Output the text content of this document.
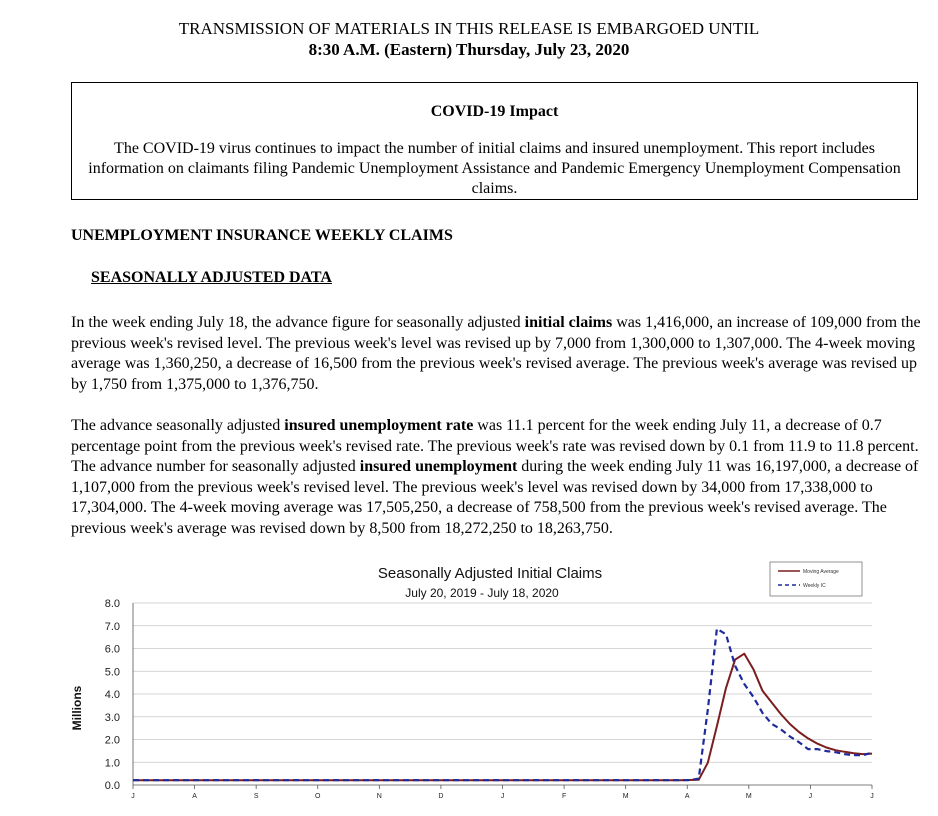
TRANSMISSION OF MATERIALS IN THIS RELEASE IS EMBARGOED UNTIL
8:30 A.M. (Eastern) Thursday, July 23, 2020
COVID-19 Impact
The COVID-19 virus continues to impact the number of initial claims and insured unemployment. This report includes information on claimants filing Pandemic Unemployment Assistance and Pandemic Emergency Unemployment Compensation claims.
UNEMPLOYMENT INSURANCE WEEKLY CLAIMS
SEASONALLY ADJUSTED DATA
In the week ending July 18, the advance figure for seasonally adjusted initial claims was 1,416,000, an increase of 109,000 from the previous week's revised level. The previous week's level was revised up by 7,000 from 1,300,000 to 1,307,000. The 4-week moving average was 1,360,250, a decrease of 16,500 from the previous week's revised average. The previous week's average was revised up by 1,750 from 1,375,000 to 1,376,750.
The advance seasonally adjusted insured unemployment rate was 11.1 percent for the week ending July 11, a decrease of 0.7 percentage point from the previous week's revised rate. The previous week's rate was revised down by 0.1 from 11.9 to 11.8 percent. The advance number for seasonally adjusted insured unemployment during the week ending July 11 was 16,197,000, a decrease of 1,107,000 from the previous week's revised level. The previous week's level was revised down by 34,000 from 17,338,000 to 17,304,000. The 4-week moving average was 17,505,250, a decrease of 758,500 from the previous week's revised average. The previous week's average was revised down by 8,500 from 18,272,250 to 18,263,750.
Seasonally Adjusted Initial Claims
July 20, 2019 - July 18, 2020
Millions
Moving Average
Weekly IC
0.0
1.0
2.0
3.0
4.0
5.0
6.0
7.0
8.0
J	A	S	O	N	D	J	F	M	A	M	J	J
